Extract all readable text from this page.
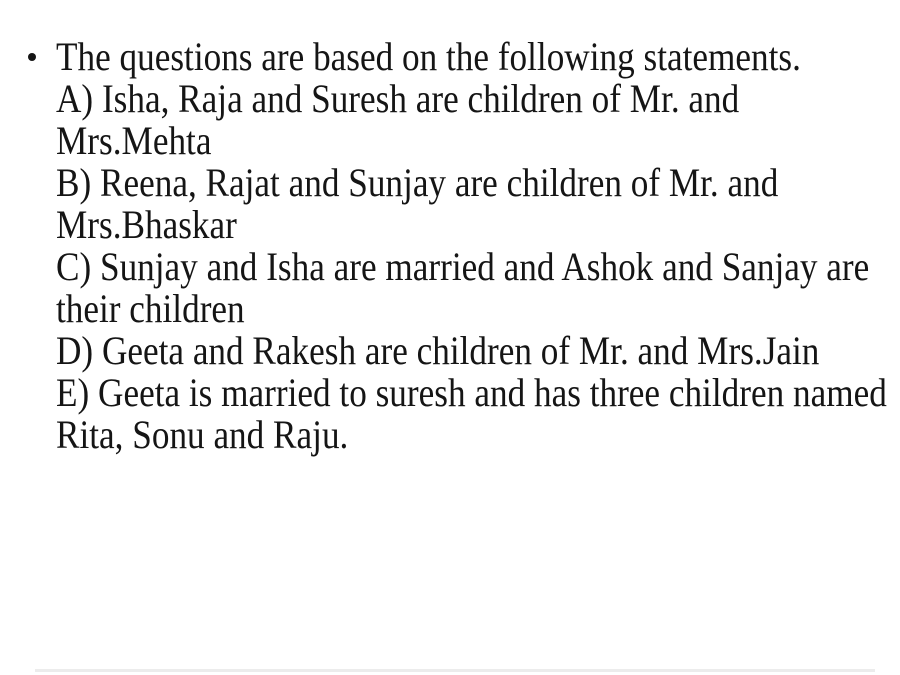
The questions are based on the following statements.
A) Isha, Raja and Suresh are children of Mr. and
Mrs.Mehta
B) Reena, Rajat and Sunjay are children of Mr. and
Mrs.Bhaskar
C) Sunjay and Isha are married and Ashok and Sanjay are
their children
D) Geeta and Rakesh are children of Mr. and Mrs.Jain
E) Geeta is married to suresh and has three children named
Rita, Sonu and Raju.
